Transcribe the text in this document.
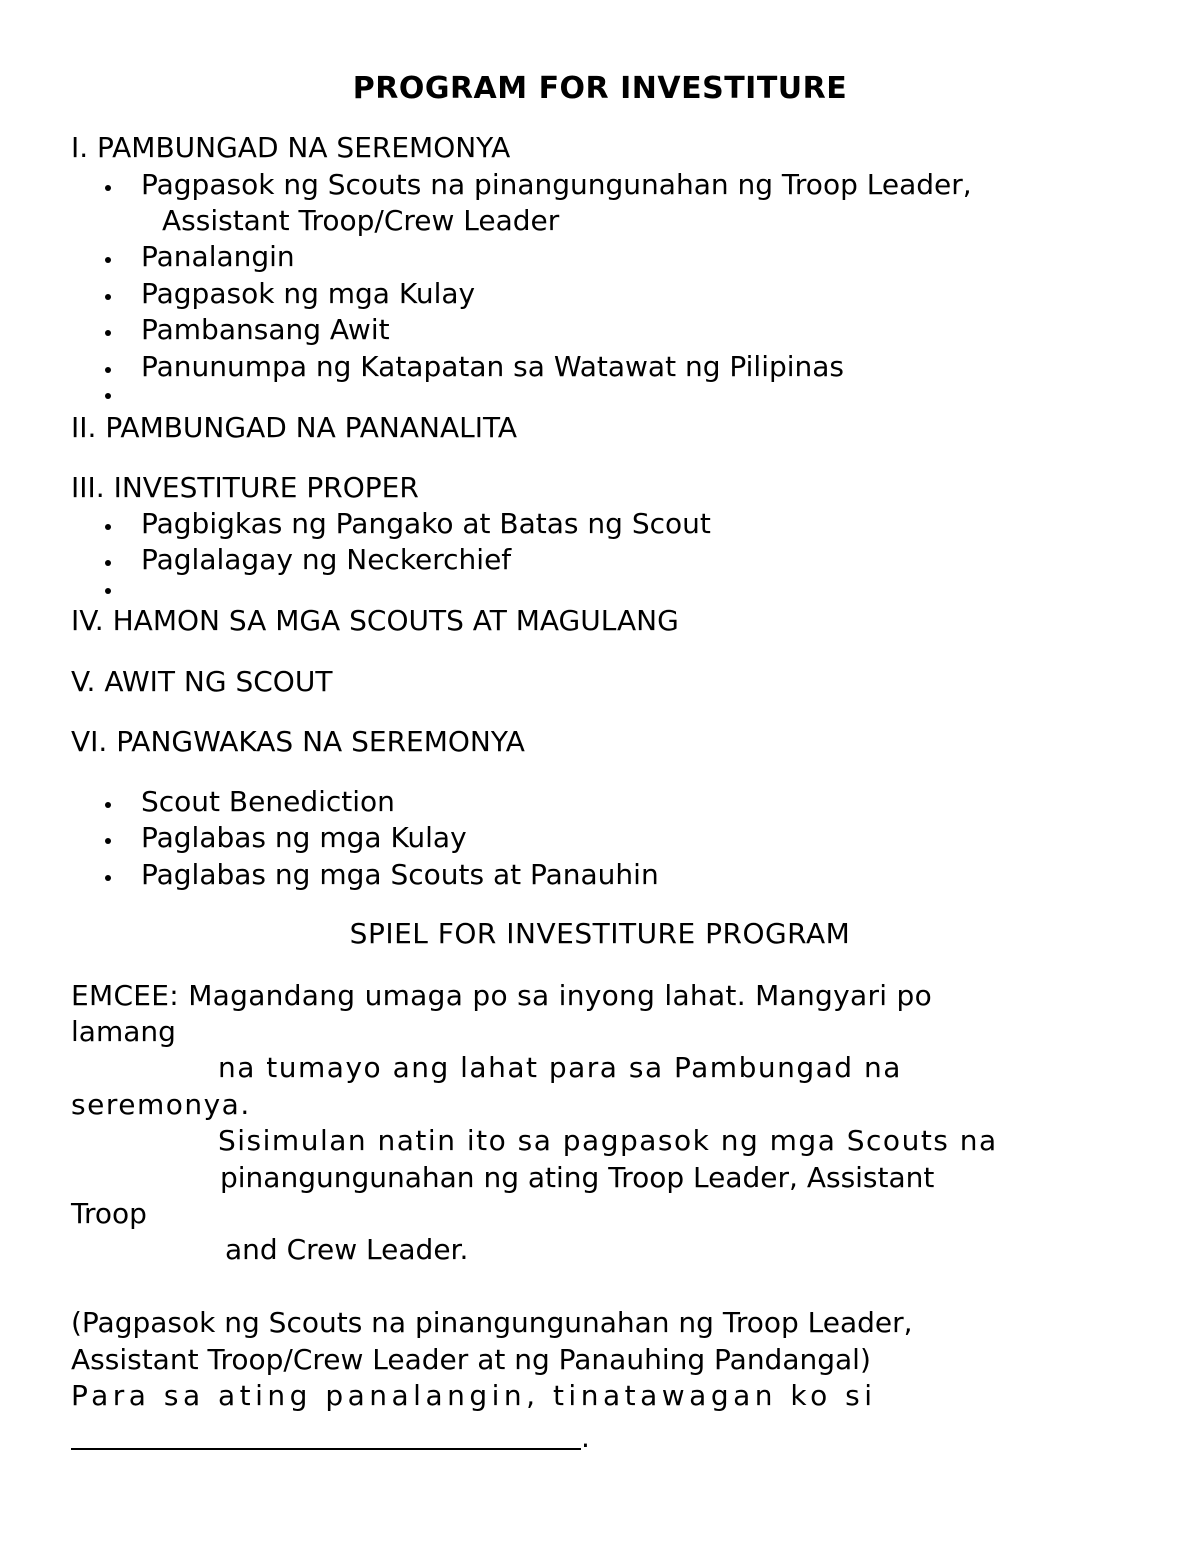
PROGRAM FOR INVESTITURE
I. PAMBUNGAD NA SEREMONYA
Pagpasok ng Scouts na pinangungunahan ng Troop Leader,
Assistant Troop/Crew Leader
Panalangin
Pagpasok ng mga Kulay
Pambansang Awit
Panunumpa ng Katapatan sa Watawat ng Pilipinas
II. PAMBUNGAD NA PANANALITA
III. INVESTITURE PROPER
Pagbigkas ng Pangako at Batas ng Scout
Paglalagay ng Neckerchief
IV. HAMON SA MGA SCOUTS AT MAGULANG
V. AWIT NG SCOUT
VI. PANGWAKAS NA SEREMONYA
Scout Benediction
Paglabas ng mga Kulay
Paglabas ng mga Scouts at Panauhin
SPIEL FOR INVESTITURE PROGRAM
EMCEE: Magandang umaga po sa inyong lahat. Mangyari po
lamang
na tumayo ang lahat para sa Pambungad na
seremonya.
Sisimulan natin ito sa pagpasok ng mga Scouts na
pinangungunahan ng ating Troop Leader, Assistant
Troop
and Crew Leader.
(Pagpasok ng Scouts na pinangungunahan ng Troop Leader,
Assistant Troop/Crew Leader at ng Panauhing Pandangal)
Para sa ating panalangin, tinatawagan ko si
.
